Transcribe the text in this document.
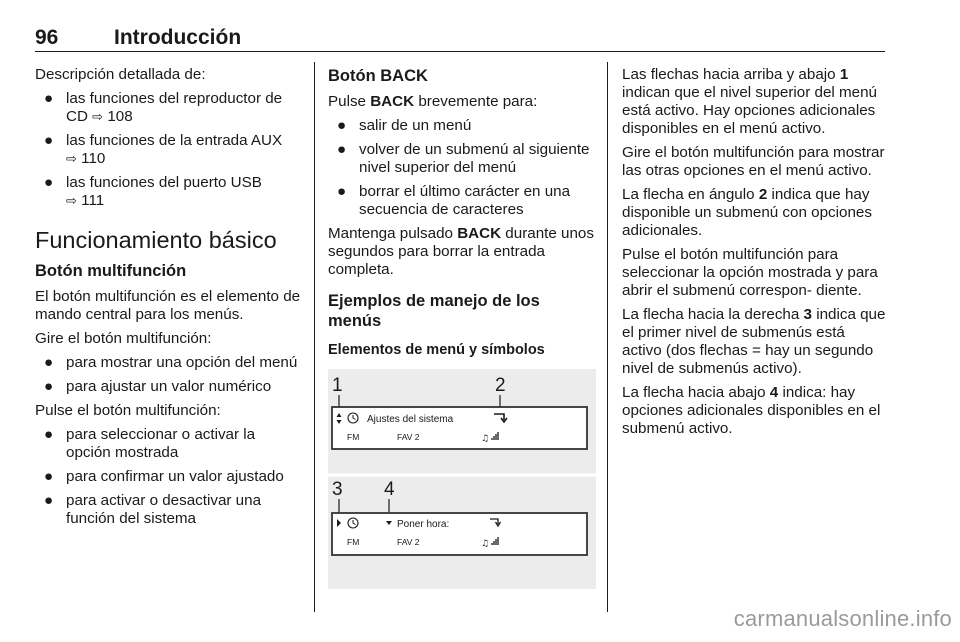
96	Introducción
Descripción detallada de:
● las funciones del reproductor de CD ⇨ 108
● las funciones de la entrada AUX
⇨ 110
● las funciones del puerto USB
⇨ 111
Funcionamiento básico
Botón multifunción
El botón multifunción es el elemento de mando central para los menús.
Gire el botón multifunción:
● para mostrar una opción del menú
● para ajustar un valor numérico
Pulse el botón multifunción:
● para seleccionar o activar la opción mostrada
● para confirmar un valor ajustado
● para activar o desactivar una función del sistema
Botón BACK
Pulse BACK brevemente para:
● salir de un menú
● volver de un submenú al siguiente nivel superior del menú
● borrar el último carácter en una secuencia de caracteres
Mantenga pulsado BACK durante unos segundos para borrar la entrada completa.
Ejemplos de manejo de los menús
Elementos de menú y símbolos
1	2
Ajustes del sistema
FM	FAV 2	♫
3 4
Poner hora:
FM	FAV 2	♫
Las flechas hacia arriba y abajo 1 indican que el nivel superior del menú está activo. Hay opciones adicionales disponibles en el menú activo.
Gire el botón multifunción para mostrar las otras opciones en el menú activo.
La flecha en ángulo 2 indica que hay disponible un submenú con opciones adicionales.
Pulse el botón multifunción para seleccionar la opción mostrada y para abrir el submenú correspon‐ diente.
La flecha hacia la derecha 3 indica que el primer nivel de submenús está activo (dos flechas = hay un segundo nivel de submenús activo).
La flecha hacia abajo 4 indica: hay opciones adicionales disponibles en el submenú activo.
carmanualsonline.info
